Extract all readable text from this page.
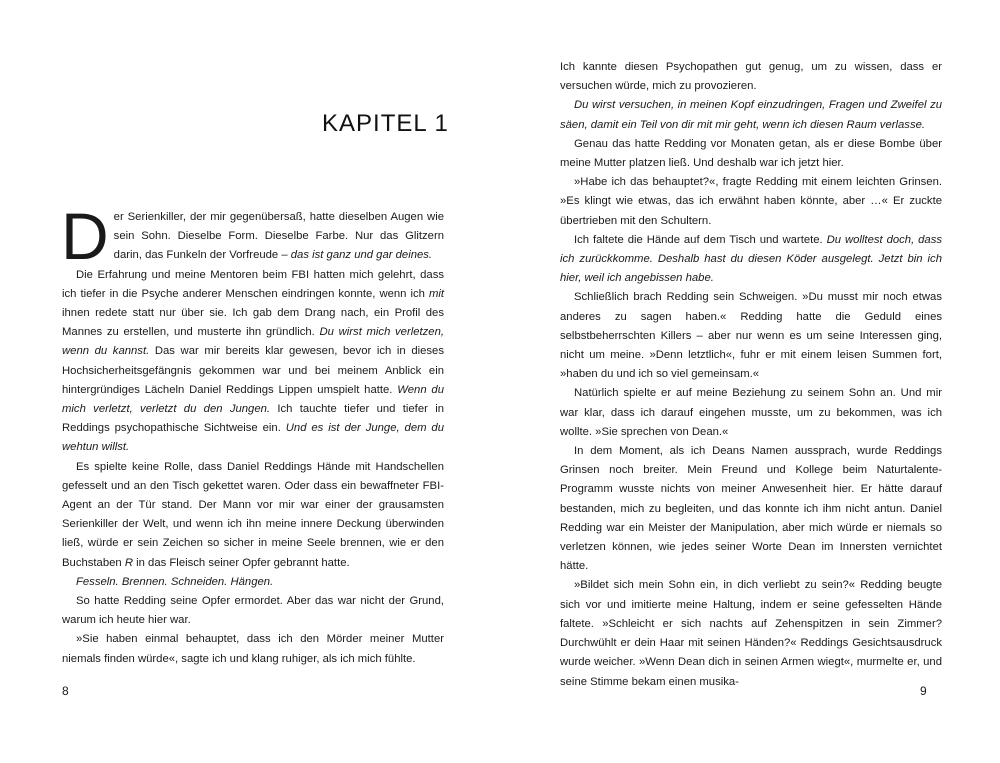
KAPITEL 1

Der Serienkiller, der mir gegenübersaß, hatte dieselben Augen wie sein Sohn. Dieselbe Form. Dieselbe Farbe. Nur das Glitzern darin, das Funkeln der Vorfreude – das ist ganz und gar deines.

Die Erfahrung und meine Mentoren beim FBI hatten mich gelehrt, dass ich tiefer in die Psyche anderer Menschen eindringen konnte, wenn ich mit ihnen redete statt nur über sie. Ich gab dem Drang nach, ein Profil des Mannes zu erstellen, und musterte ihn gründlich. Du wirst mich verletzen, wenn du kannst. Das war mir bereits klar gewesen, bevor ich in dieses Hochsicherheitsgefängnis gekommen war und bei meinem Anblick ein hintergründiges Lächeln Daniel Reddings Lippen umspielt hatte. Wenn du mich verletzt, verletzt du den Jungen. Ich tauchte tiefer und tiefer in Reddings psychopathische Sichtweise ein. Und es ist der Junge, dem du wehtun willst.

Es spielte keine Rolle, dass Daniel Reddings Hände mit Handschellen gefesselt und an den Tisch gekettet waren. Oder dass ein bewaffneter FBI-Agent an der Tür stand. Der Mann vor mir war einer der grausamsten Serienkiller der Welt, und wenn ich ihn meine innere Deckung überwinden ließ, würde er sein Zeichen so sicher in meine Seele brennen, wie er den Buchstaben R in das Fleisch seiner Opfer gebrannt hatte.

Fesseln. Brennen. Schneiden. Hängen.

So hatte Redding seine Opfer ermordet. Aber das war nicht der Grund, warum ich heute hier war.

»Sie haben einmal behauptet, dass ich den Mörder meiner Mutter niemals finden würde«, sagte ich und klang ruhiger, als ich mich fühlte.

8

Ich kannte diesen Psychopathen gut genug, um zu wissen, dass er versuchen würde, mich zu provozieren.

Du wirst versuchen, in meinen Kopf einzudringen, Fragen und Zweifel zu säen, damit ein Teil von dir mit mir geht, wenn ich diesen Raum verlasse.

Genau das hatte Redding vor Monaten getan, als er diese Bombe über meine Mutter platzen ließ. Und deshalb war ich jetzt hier.

»Habe ich das behauptet?«, fragte Redding mit einem leichten Grinsen. »Es klingt wie etwas, das ich erwähnt haben könnte, aber …« Er zuckte übertrieben mit den Schultern.

Ich faltete die Hände auf dem Tisch und wartete. Du wolltest doch, dass ich zurückkomme. Deshalb hast du diesen Köder ausgelegt. Jetzt bin ich hier, weil ich angebissen habe.

Schließlich brach Redding sein Schweigen. »Du musst mir noch etwas anderes zu sagen haben.« Redding hatte die Geduld eines selbstbeherrschten Killers – aber nur wenn es um seine Interessen ging, nicht um meine. »Denn letztlich«, fuhr er mit einem leisen Summen fort, »haben du und ich so viel gemeinsam.«

Natürlich spielte er auf meine Beziehung zu seinem Sohn an. Und mir war klar, dass ich darauf eingehen musste, um zu bekommen, was ich wollte. »Sie sprechen von Dean.«

In dem Moment, als ich Deans Namen aussprach, wurde Reddings Grinsen noch breiter. Mein Freund und Kollege beim Naturtalente-Programm wusste nichts von meiner Anwesenheit hier. Er hätte darauf bestanden, mich zu begleiten, und das konnte ich ihm nicht antun. Daniel Redding war ein Meister der Manipulation, aber mich würde er niemals so verletzen können, wie jedes seiner Worte Dean im Innersten vernichtet hätte.

»Bildet sich mein Sohn ein, in dich verliebt zu sein?« Redding beugte sich vor und imitierte meine Haltung, indem er seine gefesselten Hände faltete. »Schleicht er sich nachts auf Zehenspitzen in sein Zimmer? Durchwühlt er dein Haar mit seinen Händen?« Reddings Gesichtsausdruck wurde weicher. »Wenn Dean dich in seinen Armen wiegt«, murmelte er, und seine Stimme bekam einen musika-

9
